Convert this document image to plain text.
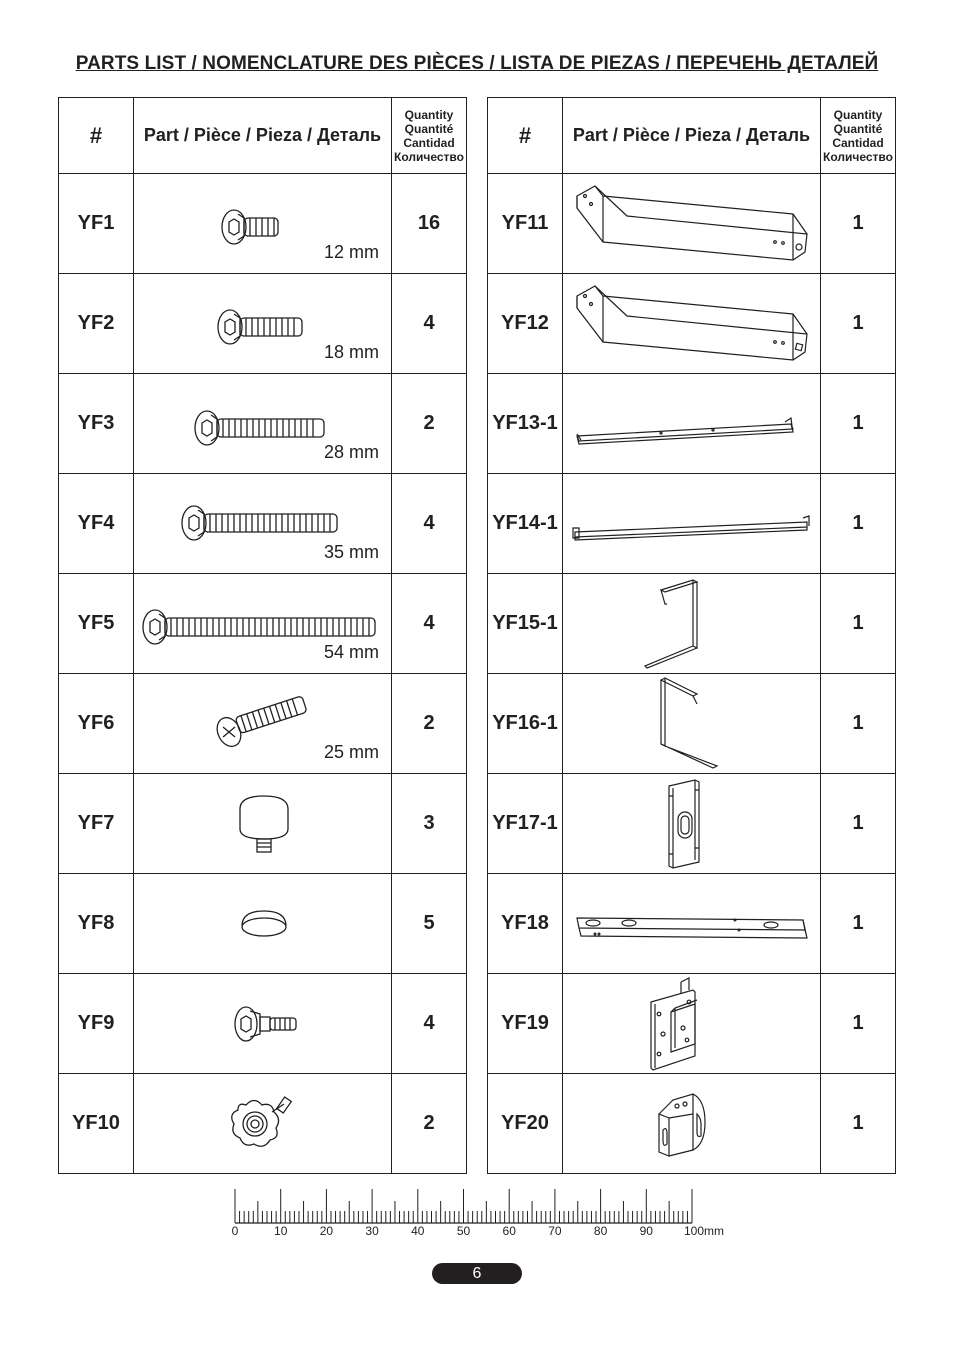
PARTS LIST / NOMENCLATURE DES PIÈCES / LISTA DE PIEZAS / ПЕРЕЧЕНЬ ДЕТАЛЕЙ
#	Part / Pièce / Pieza / Деталь	Quantity
Quantité
Cantidad
Количество

YF1	12 mm	16
YF2	18 mm	4
YF3	28 mm	2
YF4	35 mm	4
YF5	54 mm	4
YF6	25 mm	2
YF7		3
YF8		5
YF9		4
YF10		2
#	Part / Pièce / Pieza / Деталь	Quantity
Quantité
Cantidad
Количество

YF11		1
YF12		1
YF13-1		1
YF14-1		1
YF15-1		1
YF16-1		1
YF17-1		1
YF18		1
YF19		1
YF20		1
0	10	20	30	40	50	60	70	80	90	100mm
6
